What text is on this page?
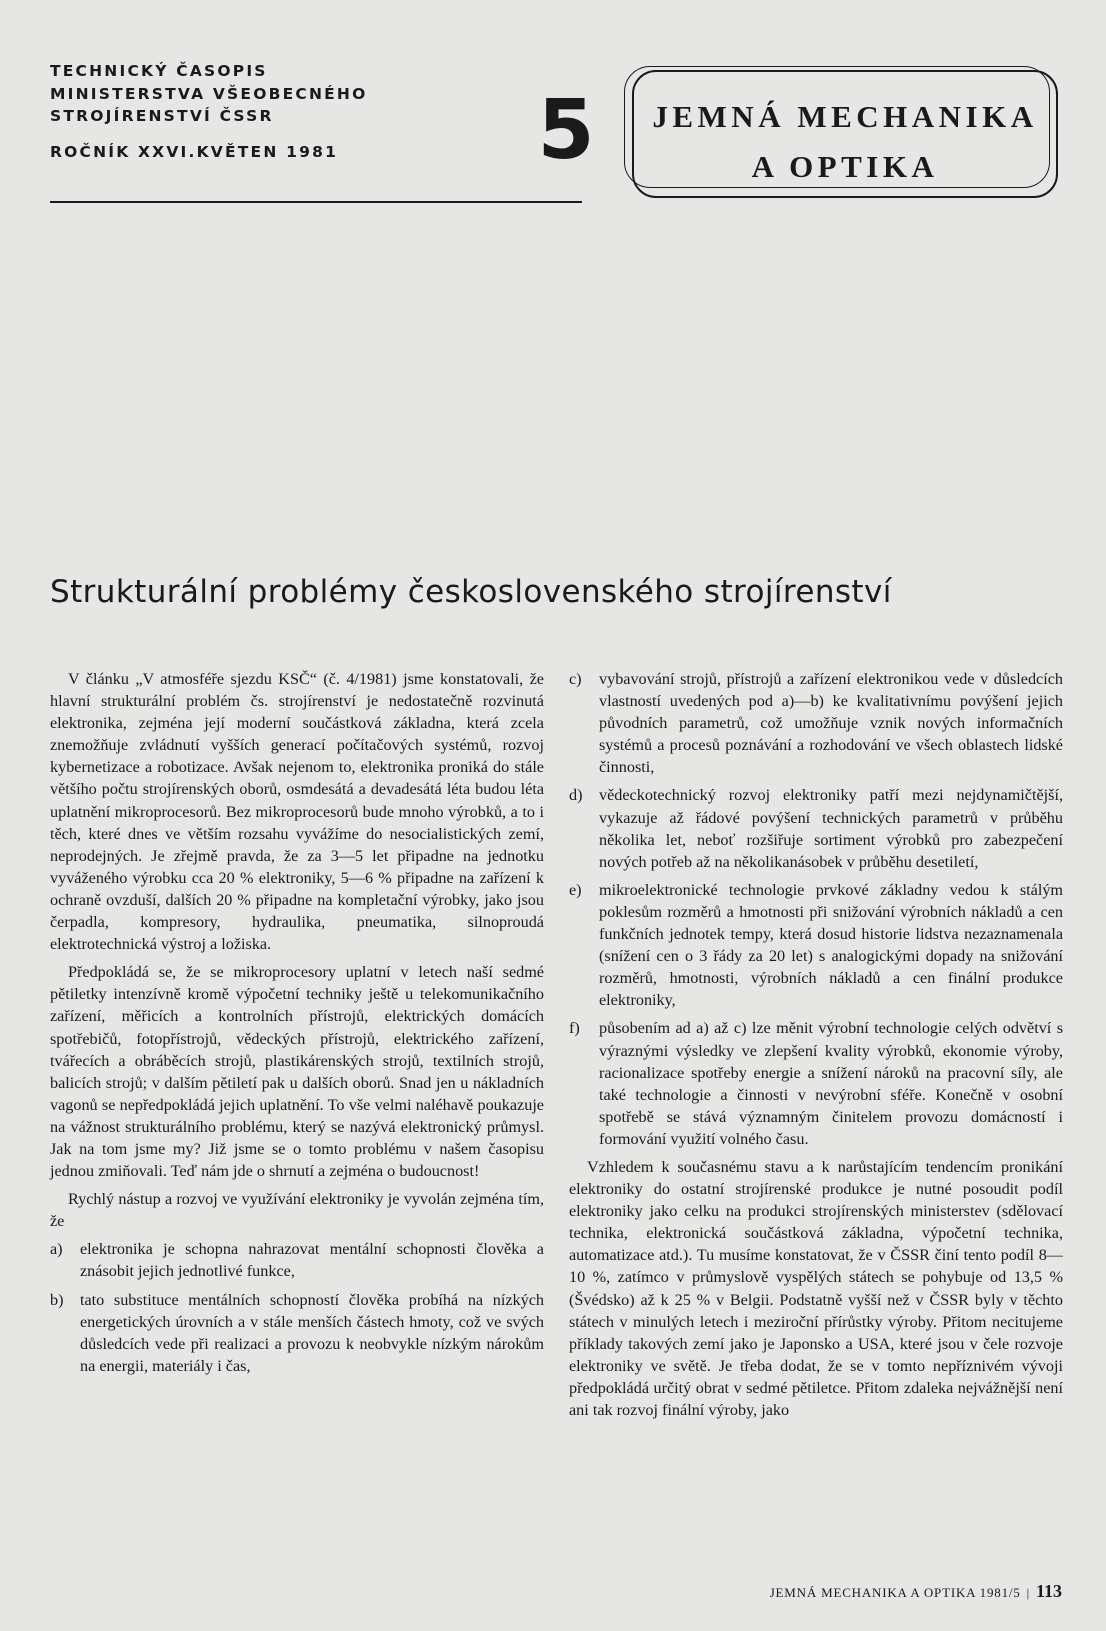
TECHNICKÝ ČASOPIS
MINISTERSTVA VŠEOBECNÉHO
STROJÍRENSTVÍ ČSSR
ROČNÍK XXVI.KVĚTEN 1981	5	JEMNÁ MECHANIKA
A OPTIKA
Strukturální problémy československého strojírenství

V článku „V atmosféře sjezdu KSČ“ (č. 4/1981) jsme konstatovali, že hlavní strukturální problém čs. strojírenství je nedostatečně rozvinutá elektronika, zejména její moderní součástková základna, která zcela znemožňuje zvládnutí vyšších generací počítačových systémů, rozvoj kybernetizace a robotizace. Avšak nejenom to, elektronika proniká do stále většího počtu strojírenských oborů, osmdesátá a devadesátá léta budou léta uplatnění mikroprocesorů. Bez mikroprocesorů bude mnoho výrobků, a to i těch, které dnes ve větším rozsahu vyvážíme do nesocialistických zemí, neprodejných. Je zřejmě pravda, že za 3—5 let připadne na jednotku vyváženého výrobku cca 20 % elektroniky, 5—6 % připadne na zařízení k ochraně ovzduší, dalších 20 % připadne na kompletační výrobky, jako jsou čerpadla, kompresory, hydraulika, pneumatika, silnoproudá elektrotechnická výstroj a ložiska.

Předpokládá se, že se mikroprocesory uplatní v letech naší sedmé pětiletky intenzívně kromě výpočetní techniky ještě u telekomunikačního zařízení, měřicích a kontrolních přístrojů, elektrických domácích spotřebičů, fotopřístrojů, vědeckých přístrojů, elektrického zařízení, tvářecích a obráběcích strojů, plastikárenských strojů, textilních strojů, balicích strojů; v dalším pětiletí pak u dalších oborů. Snad jen u nákladních vagonů se nepředpokládá jejich uplatnění. To vše velmi naléhavě poukazuje na vážnost strukturálního problému, který se nazývá elektronický průmysl. Jak na tom jsme my? Již jsme se o tomto problému v našem časopisu jednou zmiňovali. Teď nám jde o shrnutí a zejména o budoucnost!

Rychlý nástup a rozvoj ve využívání elektroniky je vyvolán zejména tím, že

a) elektronika je schopna nahrazovat mentální schopnosti člověka a znásobit jejich jednotlivé funkce,
b) tato substituce mentálních schopností člověka probíhá na nízkých energetických úrovních a v stále menších částech hmoty, což ve svých důsledcích vede při realizaci a provozu k neobvykle nízkým nárokům na energii, materiály i čas,
c) vybavování strojů, přístrojů a zařízení elektronikou vede v důsledcích vlastností uvedených pod a)—b) ke kvalitativnímu povýšení jejich původních parametrů, což umožňuje vznik nových informačních systémů a procesů poznávání a rozhodování ve všech oblastech lidské činnosti,
d) vědeckotechnický rozvoj elektroniky patří mezi nejdynamičtější, vykazuje až řádové povýšení technických parametrů v průběhu několika let, neboť rozšiřuje sortiment výrobků pro zabezpečení nových potřeb až na několikanásobek v průběhu desetiletí,
e) mikroelektronické technologie prvkové základny vedou k stálým poklesům rozměrů a hmotnosti při snižování výrobních nákladů a cen funkčních jednotek tempy, která dosud historie lidstva nezaznamenala (snížení cen o 3 řády za 20 let) s analogickými dopady na snižování rozměrů, hmotnosti, výrobních nákladů a cen finální produkce elektroniky,
f) působením ad a) až c) lze měnit výrobní technologie celých odvětví s výraznými výsledky ve zlepšení kvality výrobků, ekonomie výroby, racionalizace spotřeby energie a snížení nároků na pracovní síly, ale také technologie a činnosti v nevýrobní sféře. Konečně v osobní spotřebě se stává významným činitelem provozu domácností i formování využití volného času.

Vzhledem k současnému stavu a k narůstajícím tendencím pronikání elektroniky do ostatní strojírenské produkce je nutné posoudit podíl elektroniky jako celku na produkci strojírenských ministerstev (sdělovací technika, elektronická součástková základna, výpočetní technika, automatizace atd.). Tu musíme konstatovat, že v ČSSR činí tento podíl 8—10 %, zatímco v průmyslově vyspělých státech se pohybuje od 13,5 % (Švédsko) až k 25 % v Belgii. Podstatně vyšší než v ČSSR byly v těchto státech v minulých letech i meziroční přírůstky výroby. Přitom necitujeme příklady takových zemí jako je Japonsko a USA, které jsou v čele rozvoje elektroniky ve světě. Je třeba dodat, že se v tomto nepříznivém vývoji předpokládá určitý obrat v sedmé pětiletce. Přitom zdaleka nejvážnější není ani tak rozvoj finální výroby, jako

JEMNÁ MECHANIKA A OPTIKA 1981/5 | 113
